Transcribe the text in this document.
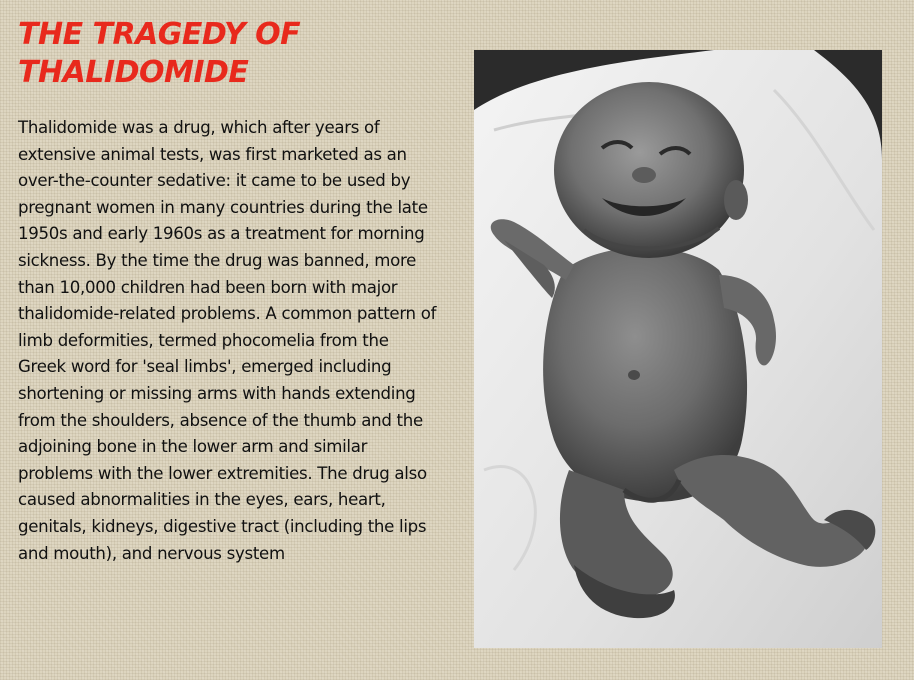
THE TRAGEDY OF
THALIDOMIDE

Thalidomide was a drug, which after years of extensive animal tests, was first marketed as an over-the-counter sedative: it came to be used by pregnant women in many countries during the late 1950s and early 1960s as a treatment for morning sickness. By the time the drug was banned, more than 10,000 children had been born with major thalidomide-related problems. A common pattern of limb deformities, termed phocomelia from the Greek word for 'seal limbs', emerged including shortening or missing arms with hands extending from the shoulders, absence of the thumb and the adjoining bone in the lower arm and similar problems with the lower extremities. The drug also caused abnormalities in the eyes, ears, heart, genitals, kidneys, digestive tract (including the lips and mouth), and nervous system
